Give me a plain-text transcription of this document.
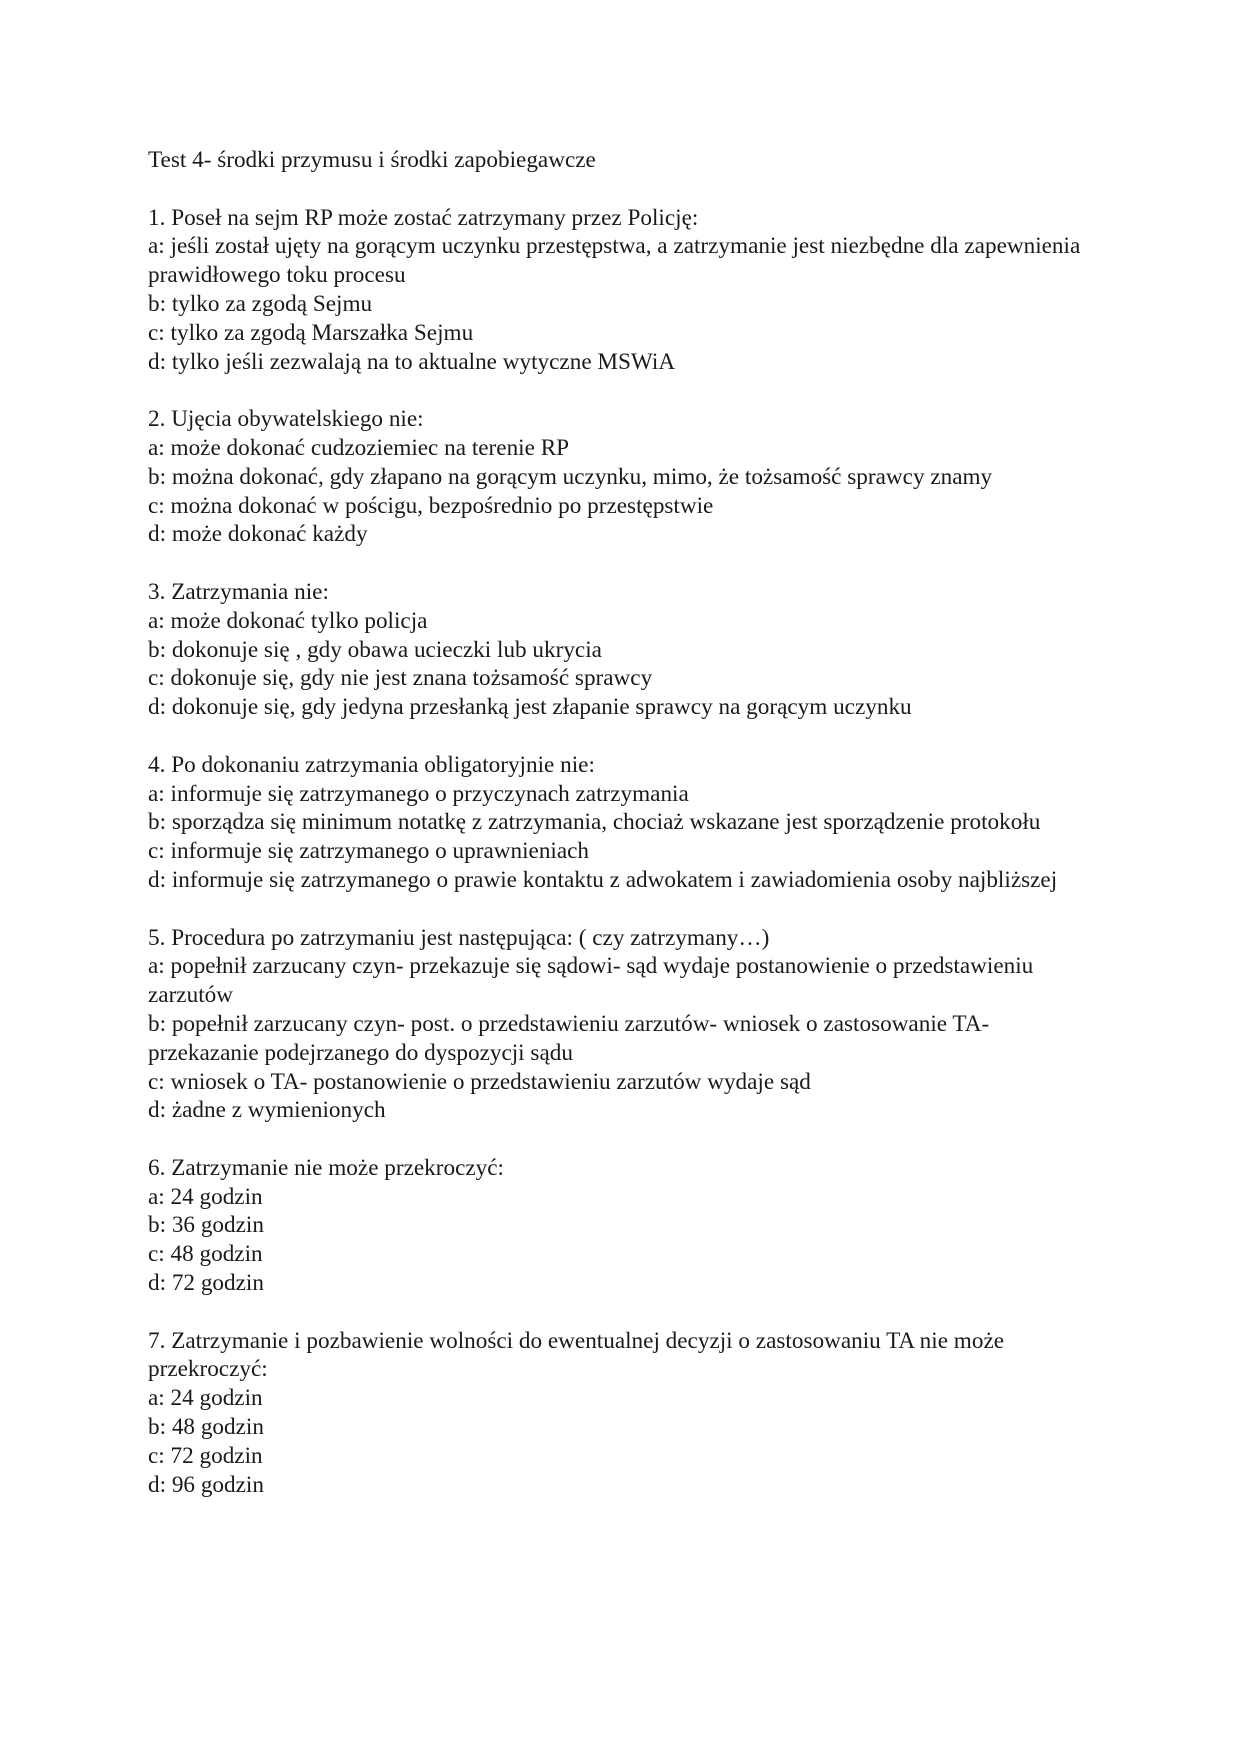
Test 4- środki przymusu i środki zapobiegawcze

1. Poseł na sejm RP może zostać zatrzymany przez Policję:

a: jeśli został ujęty na gorącym uczynku przestępstwa, a zatrzymanie jest niezbędne dla zapewnienia prawidłowego toku procesu

b: tylko za zgodą Sejmu

c: tylko za zgodą Marszałka Sejmu

d: tylko jeśli zezwalają na to aktualne wytyczne MSWiA

2. Ujęcia obywatelskiego nie:

a: może dokonać cudzoziemiec na terenie RP

b: można dokonać, gdy złapano na gorącym uczynku, mimo, że tożsamość sprawcy znamy

c: można dokonać w pościgu, bezpośrednio po przestępstwie

d: może dokonać każdy

3. Zatrzymania nie:

a: może dokonać tylko policja

b: dokonuje się , gdy obawa ucieczki lub ukrycia

c: dokonuje się, gdy nie jest znana tożsamość sprawcy

d: dokonuje się, gdy jedyna przesłanką jest złapanie sprawcy na gorącym uczynku

4. Po dokonaniu zatrzymania obligatoryjnie nie:

a: informuje się zatrzymanego o przyczynach zatrzymania

b: sporządza się minimum notatkę z zatrzymania, chociaż wskazane jest sporządzenie protokołu

c: informuje się zatrzymanego o uprawnieniach

d: informuje się zatrzymanego o prawie kontaktu z adwokatem i zawiadomienia osoby najbliższej

5. Procedura po zatrzymaniu jest następująca: ( czy zatrzymany…)

a: popełnił zarzucany czyn- przekazuje się sądowi- sąd wydaje postanowienie o przedstawieniu zarzutów

b: popełnił zarzucany czyn- post. o przedstawieniu zarzutów- wniosek o zastosowanie TA- przekazanie podejrzanego do dyspozycji sądu

c: wniosek o TA- postanowienie o przedstawieniu zarzutów wydaje sąd

d: żadne z wymienionych

6. Zatrzymanie nie może przekroczyć:

a: 24 godzin

b: 36 godzin

c: 48 godzin

d: 72 godzin

7. Zatrzymanie i pozbawienie wolności do ewentualnej decyzji o zastosowaniu TA nie może przekroczyć:

a: 24 godzin

b: 48 godzin

c: 72 godzin

d: 96 godzin
